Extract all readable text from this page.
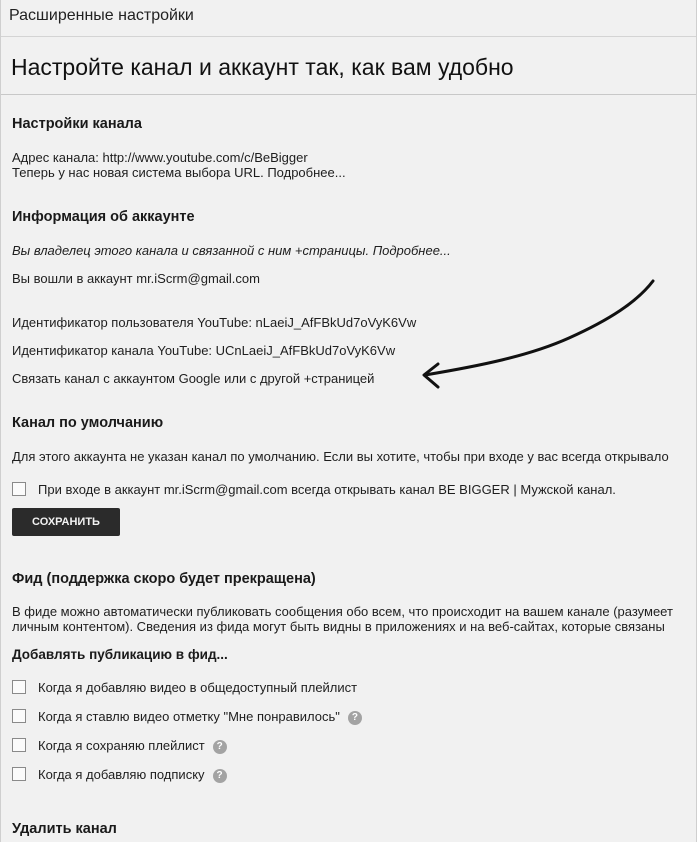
Расширенные настройки
Настройте канал и аккаунт так, как вам удобно
Настройки канала
Адрес канала: http://www.youtube.com/c/BeBigger
Теперь у нас новая система выбора URL. Подробнее...
Информация об аккаунте
Вы владелец этого канала и связанной с ним +страницы. Подробнее...
Вы вошли в аккаунт mr.iScrm@gmail.com
Идентификатор пользователя YouTube: nLaeiJ_AfFBkUd7oVyK6Vw
Идентификатор канала YouTube: UCnLaeiJ_AfFBkUd7oVyK6Vw
Связать канал с аккаунтом Google или с другой +страницей
Канал по умолчанию
Для этого аккаунта не указан канал по умолчанию. Если вы хотите, чтобы при входе у вас всегда открывало
При входе в аккаунт mr.iScrm@gmail.com всегда открывать канал BE BIGGER | Мужской канал.
СОХРАНИТЬ
Фид (поддержка скоро будет прекращена)
В фиде можно автоматически публиковать сообщения обо всем, что происходит на вашем канале (разумеет
личным контентом). Сведения из фида могут быть видны в приложениях и на веб-сайтах, которые связаны
Добавлять публикацию в фид...
Когда я добавляю видео в общедоступный плейлист
Когда я ставлю видео отметку "Мне понравилось" ?
Когда я сохраняю плейлист ?
Когда я добавляю подписку ?
Удалить канал
